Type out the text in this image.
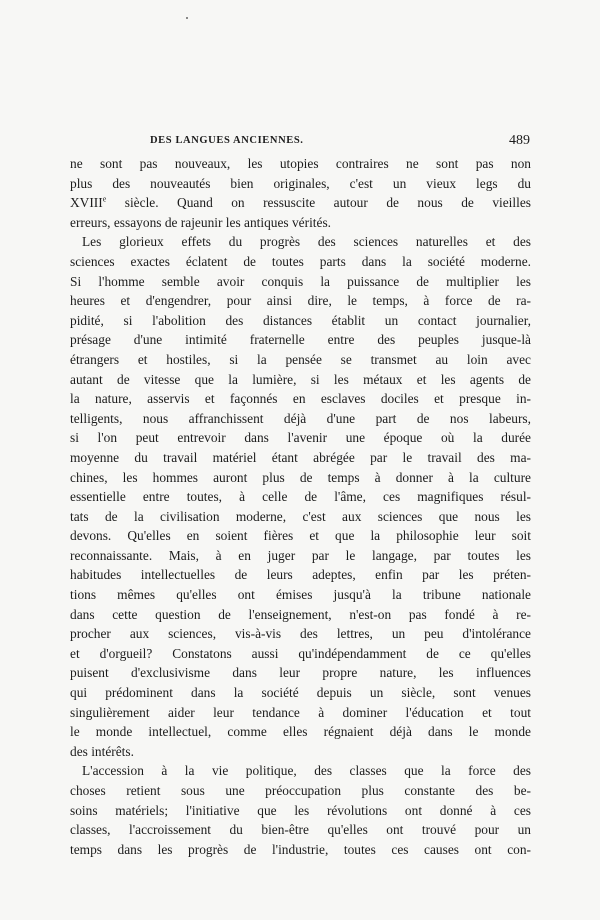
DES LANGUES ANCIENNES.	489
ne sont pas nouveaux, les utopies contraires ne sont pas non
plus des nouveautés bien originales, c'est un vieux legs du
XVIIIe siècle. Quand on ressuscite autour de nous de vieilles
erreurs, essayons de rajeunir les antiques vérités.
Les glorieux effets du progrès des sciences naturelles et des
sciences exactes éclatent de toutes parts dans la société moderne.
Si l'homme semble avoir conquis la puissance de multiplier les
heures et d'engendrer, pour ainsi dire, le temps, à force de ra-
pidité, si l'abolition des distances établit un contact journalier,
présage d'une intimité fraternelle entre des peuples jusque-là
étrangers et hostiles, si la pensée se transmet au loin avec
autant de vitesse que la lumière, si les métaux et les agents de
la nature, asservis et façonnés en esclaves dociles et presque in-
telligents, nous affranchissent déjà d'une part de nos labeurs,
si l'on peut entrevoir dans l'avenir une époque où la durée
moyenne du travail matériel étant abrégée par le travail des ma-
chines, les hommes auront plus de temps à donner à la culture
essentielle entre toutes, à celle de l'âme, ces magnifiques résul-
tats de la civilisation moderne, c'est aux sciences que nous les
devons. Qu'elles en soient fières et que la philosophie leur soit
reconnaissante. Mais, à en juger par le langage, par toutes les
habitudes intellectuelles de leurs adeptes, enfin par les préten-
tions mêmes qu'elles ont émises jusqu'à la tribune nationale
dans cette question de l'enseignement, n'est-on pas fondé à re-
procher aux sciences, vis-à-vis des lettres, un peu d'intolérance
et d'orgueil? Constatons aussi qu'indépendamment de ce qu'elles
puisent d'exclusivisme dans leur propre nature, les influences
qui prédominent dans la société depuis un siècle, sont venues
singulièrement aider leur tendance à dominer l'éducation et tout
le monde intellectuel, comme elles régnaient déjà dans le monde
des intérêts.
L'accession à la vie politique, des classes que la force des
choses retient sous une préoccupation plus constante des be-
soins matériels; l'initiative que les révolutions ont donné à ces
classes, l'accroissement du bien-être qu'elles ont trouvé pour un
temps dans les progrès de l'industrie, toutes ces causes ont con-
